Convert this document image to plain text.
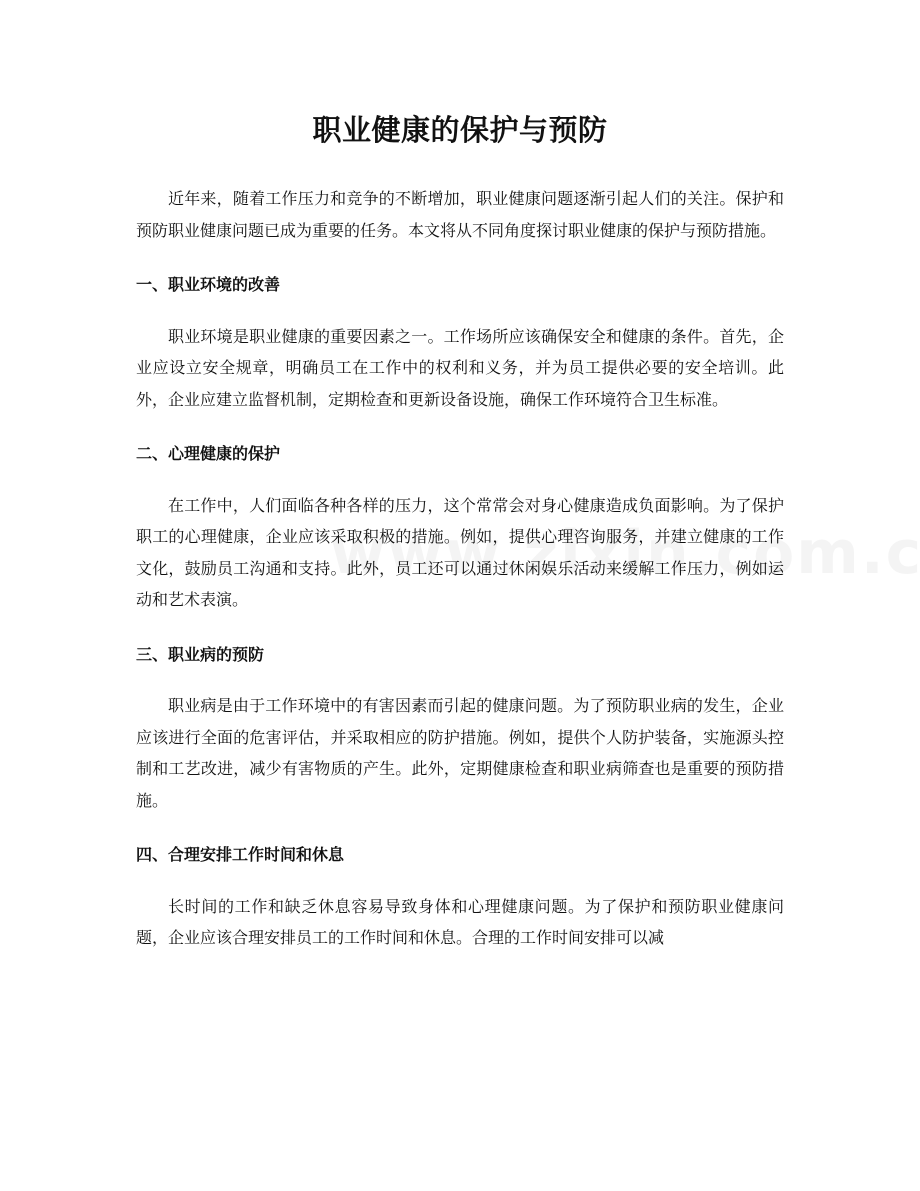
职业健康的保护与预防

近年来，随着工作压力和竞争的不断增加，职业健康问题逐渐引起人们的关注。保护和预防职业健康问题已成为重要的任务。本文将从不同角度探讨职业健康的保护与预防措施。

一、职业环境的改善

职业环境是职业健康的重要因素之一。工作场所应该确保安全和健康的条件。首先，企业应设立安全规章，明确员工在工作中的权利和义务，并为员工提供必要的安全培训。此外，企业应建立监督机制，定期检查和更新设备设施，确保工作环境符合卫生标准。

二、心理健康的保护

在工作中，人们面临各种各样的压力，这个常常会对身心健康造成负面影响。为了保护职工的心理健康，企业应该采取积极的措施。例如，提供心理咨询服务，并建立健康的工作文化，鼓励员工沟通和支持。此外，员工还可以通过休闲娱乐活动来缓解工作压力，例如运动和艺术表演。

三、职业病的预防

职业病是由于工作环境中的有害因素而引起的健康问题。为了预防职业病的发生，企业应该进行全面的危害评估，并采取相应的防护措施。例如，提供个人防护装备，实施源头控制和工艺改进，减少有害物质的产生。此外，定期健康检查和职业病筛查也是重要的预防措施。

四、合理安排工作时间和休息

长时间的工作和缺乏休息容易导致身体和心理健康问题。为了保护和预防职业健康问题，企业应该合理安排员工的工作时间和休息。合理的工作时间安排可以减
